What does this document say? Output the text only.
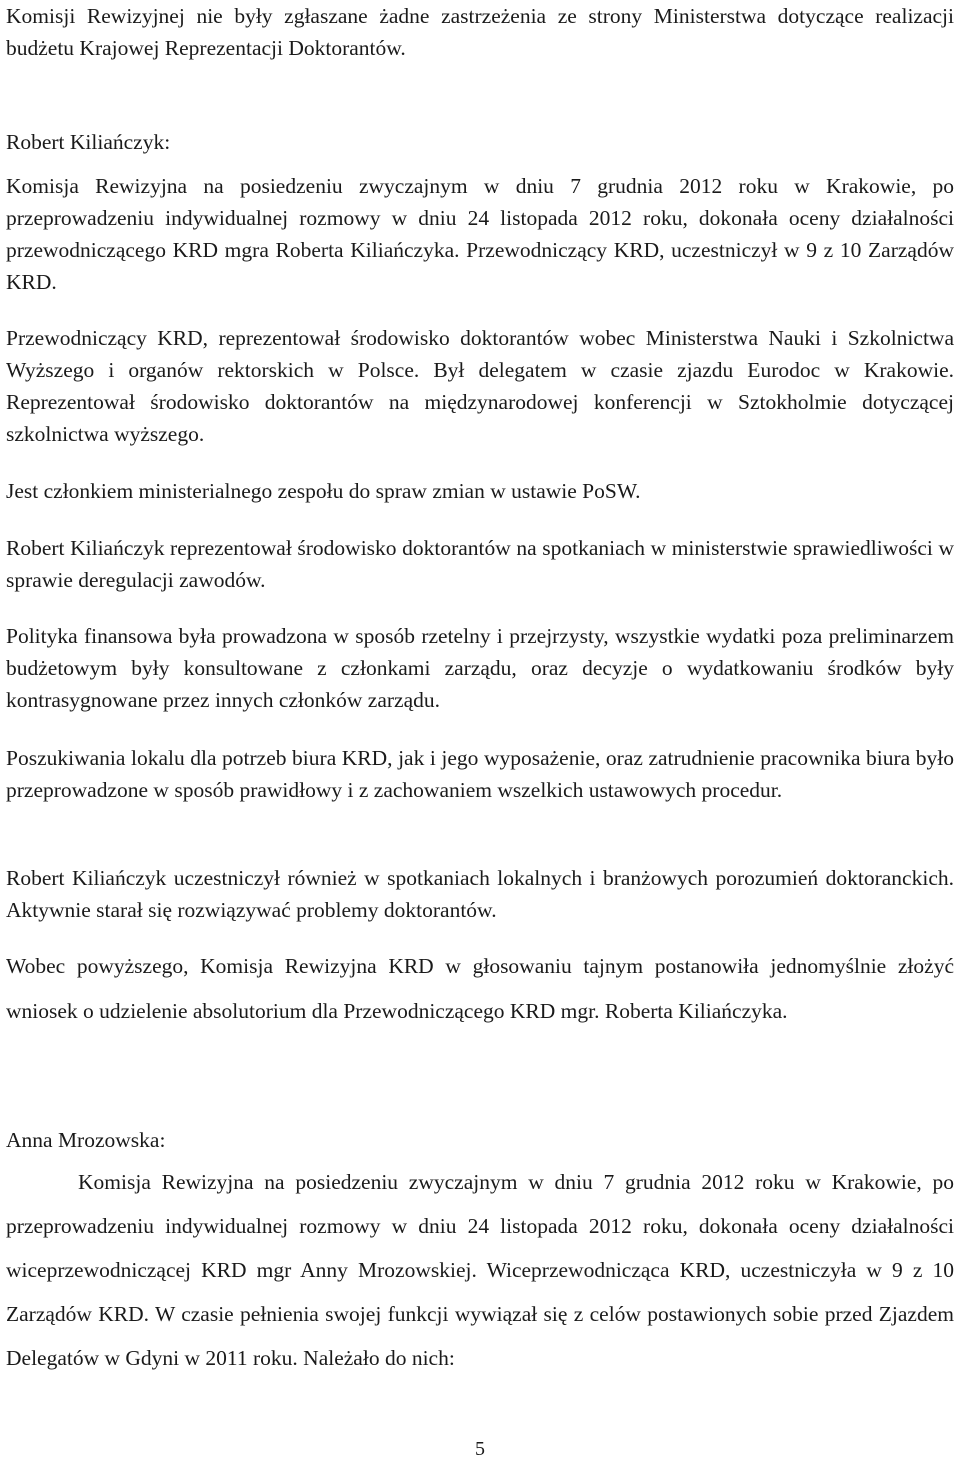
Komisji Rewizyjnej nie były zgłaszane żadne zastrzeżenia ze strony Ministerstwa dotyczące realizacji budżetu Krajowej Reprezentacji Doktorantów.

Robert Kiliańczyk:

Komisja Rewizyjna na posiedzeniu zwyczajnym w dniu 7 grudnia 2012 roku w Krakowie, po przeprowadzeniu indywidualnej rozmowy w dniu 24 listopada 2012 roku, dokonała oceny działalności przewodniczącego KRD mgra Roberta Kiliańczyka. Przewodniczący KRD, uczestniczył w 9 z 10 Zarządów KRD.

Przewodniczący KRD, reprezentował środowisko doktorantów wobec Ministerstwa Nauki i Szkolnictwa Wyższego i organów rektorskich w Polsce. Był delegatem w czasie zjazdu Eurodoc w Krakowie. Reprezentował środowisko doktorantów na międzynarodowej konferencji w Sztokholmie dotyczącej szkolnictwa wyższego.

Jest członkiem ministerialnego zespołu do spraw zmian w ustawie PoSW.

Robert Kiliańczyk reprezentował środowisko doktorantów na spotkaniach w ministerstwie sprawiedliwości w sprawie deregulacji zawodów.

Polityka finansowa była prowadzona w sposób rzetelny i przejrzysty, wszystkie wydatki poza preliminarzem budżetowym były konsultowane z członkami zarządu, oraz decyzje o wydatkowaniu środków były kontrasygnowane przez innych członków zarządu.

Poszukiwania lokalu dla potrzeb biura KRD, jak i jego wyposażenie, oraz zatrudnienie pracownika biura było przeprowadzone w sposób prawidłowy i z zachowaniem wszelkich ustawowych procedur.

Robert Kiliańczyk uczestniczył również w spotkaniach lokalnych i branżowych porozumień doktoranckich. Aktywnie starał się rozwiązywać problemy doktorantów.

Wobec powyższego, Komisja Rewizyjna KRD w głosowaniu tajnym postanowiła jednomyślnie złożyć wniosek o udzielenie absolutorium dla Przewodniczącego KRD mgr. Roberta Kiliańczyka.

Anna Mrozowska:

Komisja Rewizyjna na posiedzeniu zwyczajnym w dniu 7 grudnia 2012 roku w Krakowie, po przeprowadzeniu indywidualnej rozmowy w dniu 24 listopada 2012 roku, dokonała oceny działalności wiceprzewodniczącej KRD mgr Anny Mrozowskiej. Wiceprzewodnicząca KRD, uczestniczyła w 9 z 10 Zarządów KRD. W czasie pełnienia swojej funkcji wywiązał się z celów postawionych sobie przed Zjazdem Delegatów w Gdyni w 2011 roku. Należało do nich:

5
